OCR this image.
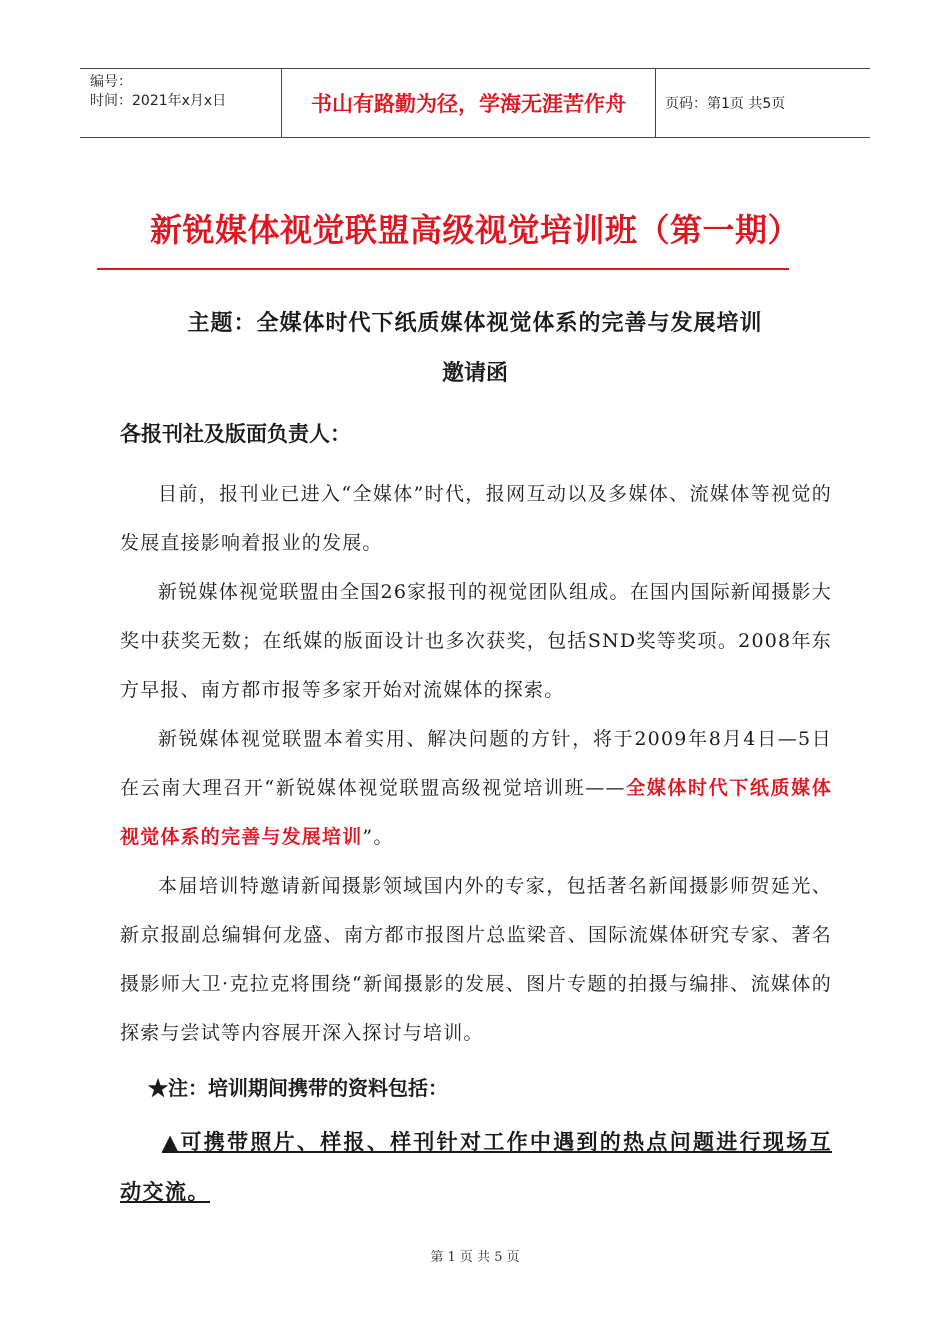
编号：
时间：2021年x月x日	书山有路勤为径，学海无涯苦作舟	页码：第1页 共5页
新锐媒体视觉联盟高级视觉培训班（第一期）
主题：全媒体时代下纸质媒体视觉体系的完善与发展培训
邀请函
各报刊社及版面负责人：

目前，报刊业已进入“全媒体”时代，报网互动以及多媒体、流媒体等视觉的发展直接影响着报业的发展。

新锐媒体视觉联盟由全国26家报刊的视觉团队组成。在国内国际新闻摄影大奖中获奖无数；在纸媒的版面设计也多次获奖，包括SND奖等奖项。2008年东方早报、南方都市报等多家开始对流媒体的探索。

新锐媒体视觉联盟本着实用、解决问题的方针，将于2009年8月4日—5日在云南大理召开“新锐媒体视觉联盟高级视觉培训班——全媒体时代下纸质媒体视觉体系的完善与发展培训”。

本届培训特邀请新闻摄影领域国内外的专家，包括著名新闻摄影师贺延光、新京报副总编辑何龙盛、南方都市报图片总监梁音、国际流媒体研究专家、著名摄影师大卫·克拉克将围绕“新闻摄影的发展、图片专题的拍摄与编排、流媒体的探索与尝试等内容展开深入探讨与培训。

★注：培训期间携带的资料包括：
▲可携带照片、样报、样刊针对工作中遇到的热点问题进行现场互动交流。
第 1 页 共 5 页
